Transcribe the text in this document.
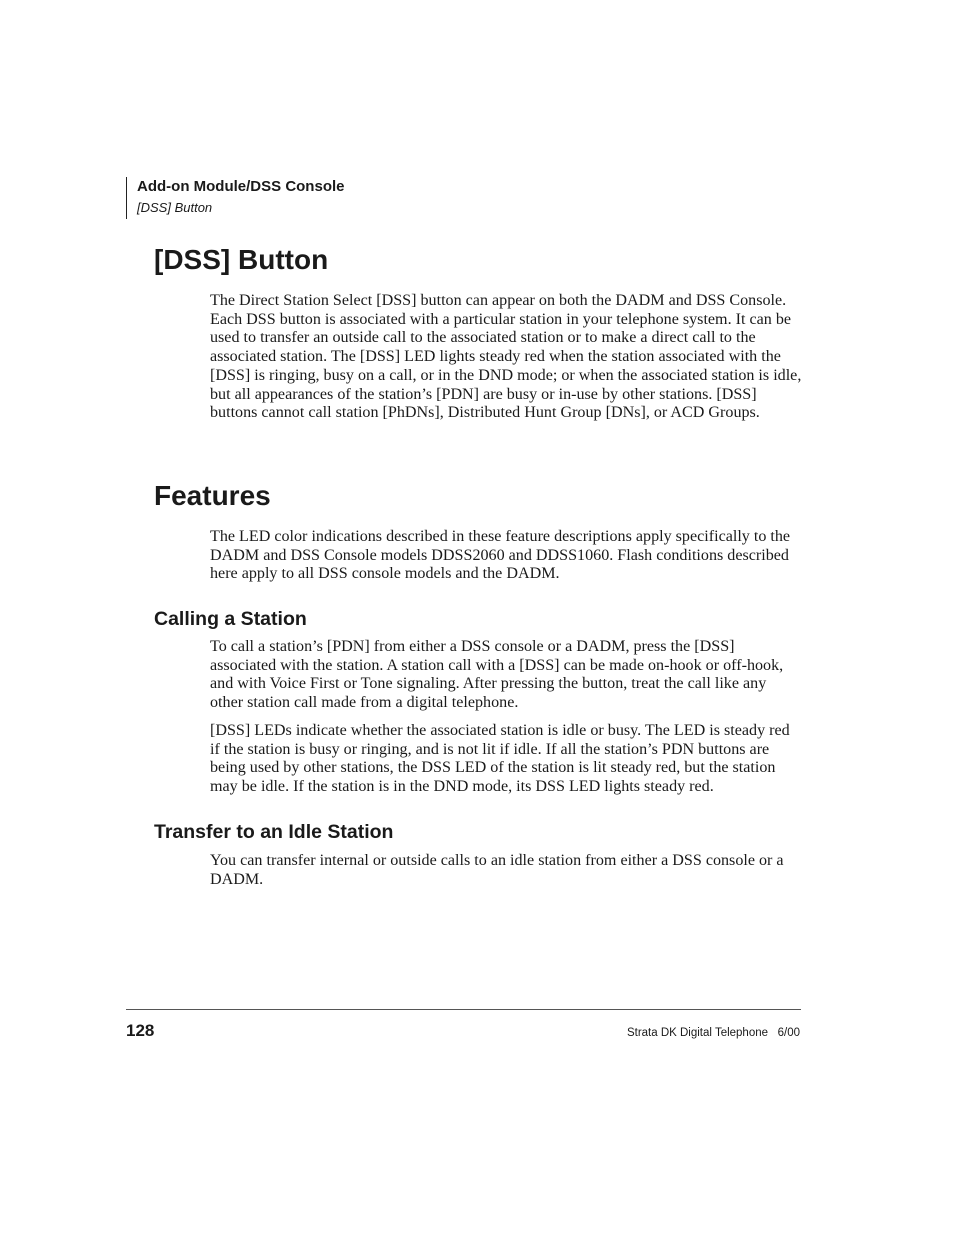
Add-on Module/DSS Console
[DSS] Button
[DSS] Button

The Direct Station Select [DSS] button can appear on both the DADM and DSS Console. Each DSS button is associated with a particular station in your telephone system. It can be used to transfer an outside call to the associated station or to make a direct call to the associated station. The [DSS] LED lights steady red when the station associated with the [DSS] is ringing, busy on a call, or in the DND mode; or when the associated station is idle, but all appearances of the station’s [PDN] are busy or in-use by other stations. [DSS] buttons cannot call station [PhDNs], Distributed Hunt Group [DNs], or ACD Groups.

Features

The LED color indications described in these feature descriptions apply specifically to the DADM and DSS Console models DDSS2060 and DDSS1060. Flash conditions described here apply to all DSS console models and the DADM.

Calling a Station

To call a station’s [PDN] from either a DSS console or a DADM, press the [DSS] associated with the station. A station call with a [DSS] can be made on-hook or off-hook, and with Voice First or Tone signaling. After pressing the button, treat the call like any other station call made from a digital telephone.

[DSS] LEDs indicate whether the associated station is idle or busy. The LED is steady red if the station is busy or ringing, and is not lit if idle. If all the station’s PDN buttons are being used by other stations, the DSS LED of the station is lit steady red, but the station may be idle. If the station is in the DND mode, its DSS LED lights steady red.

Transfer to an Idle Station

You can transfer internal or outside calls to an idle station from either a DSS console or a DADM.

128	Strata DK Digital Telephone   6/00
